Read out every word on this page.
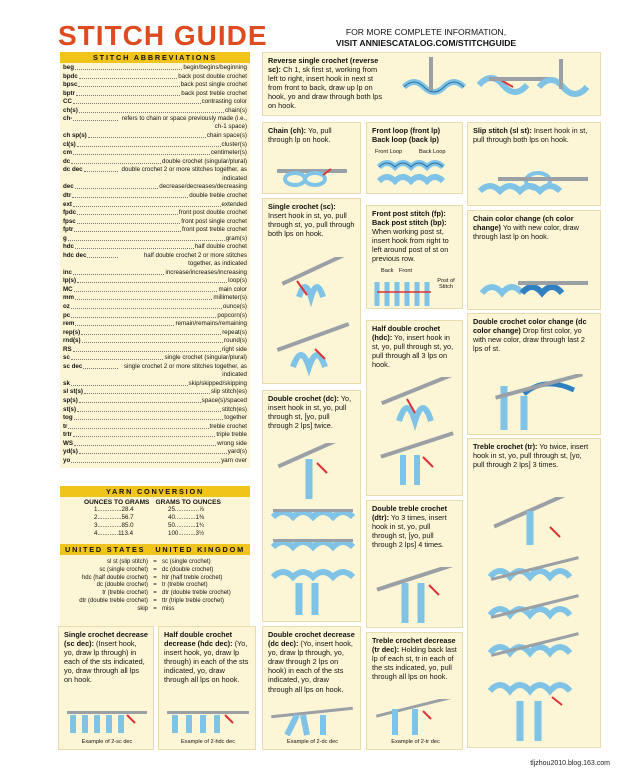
STITCH GUIDE	FOR MORE COMPLETE INFORMATION,
VISIT ANNIESCATALOG.COM/STITCHGUIDE
STITCH ABBREVIATIONS
beg	begin/begins/beginning
bpdc	back post double crochet
bpsc	back post single crochet
bptr	back post treble crochet
CC	contrasting color
ch(s)	chain(s)
ch-	refers to chain or space previously made (i.e., ch-1 space)
ch sp(s)	chain space(s)
cl(s)	cluster(s)
cm	centimeter(s)
dc	double crochet (singular/plural)
dc dec	double crochet 2 or more stitches together, as indicated
dec	decrease/decreases/decreasing
dtr	double treble crochet
ext	extended
fpdc	front post double crochet
fpsc	front post single crochet
fptr	front post treble crochet
g	gram(s)
hdc	half double crochet
hdc dec	half double crochet 2 or more stitches together, as indicated
inc	increase/increases/increasing
lp(s)	loop(s)
MC	main color
mm	millimeter(s)
oz	ounce(s)
pc	popcorn(s)
rem	remain/remains/remaining
rep(s)	repeat(s)
rnd(s)	round(s)
RS	right side
sc	single crochet (singular/plural)
sc dec	single crochet 2 or more stitches together, as indicated
sk	skip/skipped/skipping
sl st(s)	slip stitch(es)
sp(s)	space(s)/spaced
st(s)	stitch(es)
tog	together
tr	treble crochet
trtr	triple treble
WS	wrong side
yd(s)	yard(s)
yo	yarn over
YARN CONVERSION
OUNCES TO GRAMS GRAMS TO OUNCES
1..............28.4
2..............56.7
3..............85.0
4............113.4
25..............⅞
40............1⅜
50............1¾
100..........3½
UNITED STATES UNITED KINGDOM
sl st (slip stitch) = sc (single crochet)
sc (single crochet) = dc (double crochet)
hdc (half double crochet) = htr (half treble crochet)
dc (double crochet) = tr (treble crochet)
tr (treble crochet) = dtr (double treble crochet)
dtr (double treble crochet) = ttr (triple treble crochet)
skip = miss
Reverse single crochet (reverse sc): Ch 1, sk first st, working from left to right, insert hook in next st from front to back, draw up lp on hook, yo and draw through both lps on hook.
Chain (ch): Yo, pull through lp on hook.
Front loop (front lp) Back loop (back lp)
Front Loop	Back Loop
Slip stitch (sl st): Insert hook in st, pull through both lps on hook.
Single crochet (sc): Insert hook in st, yo, pull through st, yo, pull through both lps on hook.
Front post stitch (fp): Back post stitch (bp): When working post st, insert hook from right to left around post of st on previous row.
Back Front
Post of Stitch
Chain color change (ch color change) Yo with new color, draw through last lp on hook.
Half double crochet (hdc): Yo, insert hook in st, yo, pull through st, yo, pull through all 3 lps on hook.
Double crochet color change (dc color change) Drop first color, yo with new color, draw through last 2 lps of st.
Double crochet (dc): Yo, insert hook in st, yo, pull through st, [yo, pull through 2 lps] twice.
Treble crochet (tr): Yo twice, insert hook in st, yo, pull through st, [yo, pull through 2 lps] 3 times.
Double treble crochet (dtr): Yo 3 times, insert hook in st, yo, pull through st, [yo, pull through 2 lps] 4 times.
Single crochet decrease (sc dec): (Insert hook, yo, draw lp through) in each of the sts indicated, yo, draw through all lps on hook.
Example of 2-sc dec
Half double crochet decrease (hdc dec): (Yo, insert hook, yo, draw lp through) in each of the sts indicated, yo, draw through all lps on hook.
Example of 2-hdc dec
Double crochet decrease (dc dec): (Yo, insert hook, yo, draw lp through, yo, draw through 2 lps on hook) in each of the sts indicated, yo, draw through all lps on hook.
Example of 2-dc dec
Treble crochet decrease (tr dec): Holding back last lp of each st, tr in each of the sts indicated, yo, pull through all lps on hook.
Example of 2-tr dec
tljzhou2010.blog.163.com
